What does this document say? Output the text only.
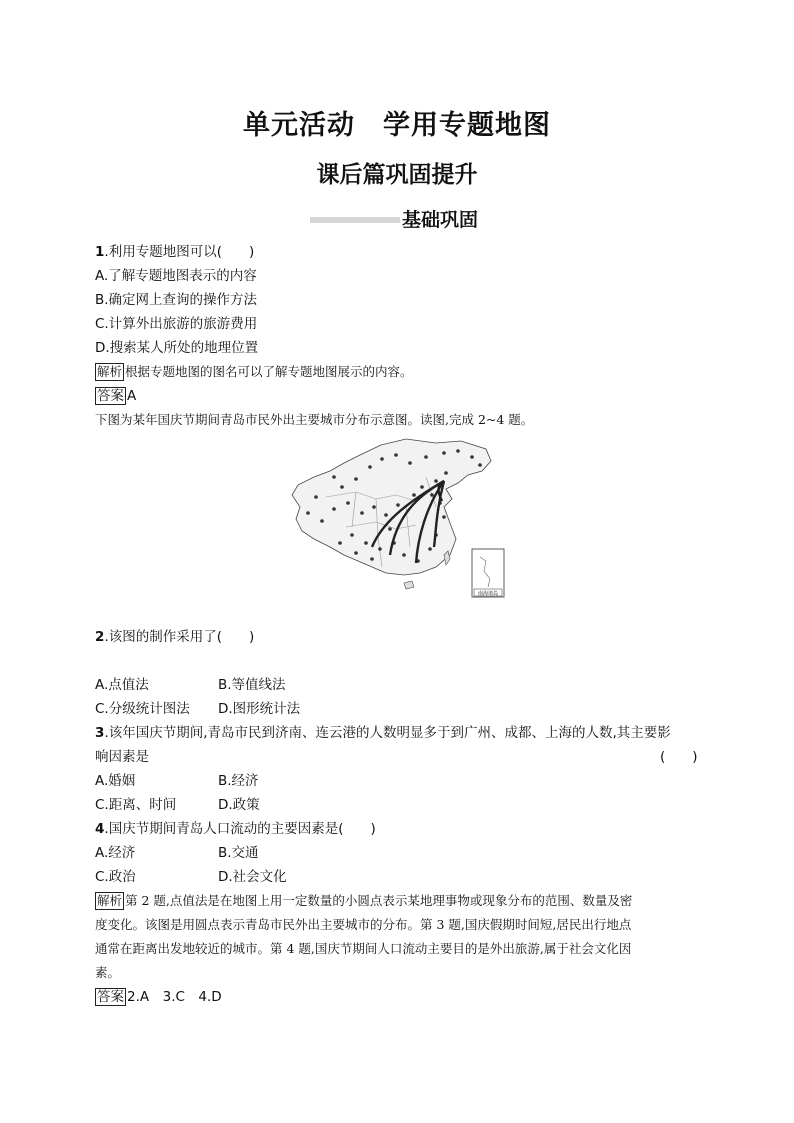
单元活动　学用专题地图
课后篇巩固提升
基础巩固
1.利用专题地图可以(　　)
A.了解专题地图表示的内容
B.确定网上查询的操作方法
C.计算外出旅游的旅游费用
D.搜索某人所处的地理位置
解析 根据专题地图的图名可以了解专题地图展示的内容。
答案 A
下图为某年国庆节期间青岛市民外出主要城市分布示意图。读图,完成 2~4 题。
南海诸岛
2.该图的制作采用了(　　)
A.点值法	B.等值线法
C.分级统计图法 D.图形统计法
3.该年国庆节期间,青岛市民到济南、连云港的人数明显多于到广州、成都、上海的人数,其主要影
响因素是	(　　)
A.婚姻	B.经济
C.距离、时间	D.政策
4.国庆节期间青岛人口流动的主要因素是(　　)
A.经济	B.交通
C.政治	D.社会文化
解析 第 2 题,点值法是在地图上用一定数量的小圆点表示某地理事物或现象分布的范围、数量及密
度变化。该图是用圆点表示青岛市民外出主要城市的分布。第 3 题,国庆假期时间短,居民出行地点
通常在距离出发地较近的城市。第 4 题,国庆节期间人口流动主要目的是外出旅游,属于社会文化因
素。
答案 2.A　3.C　4.D
